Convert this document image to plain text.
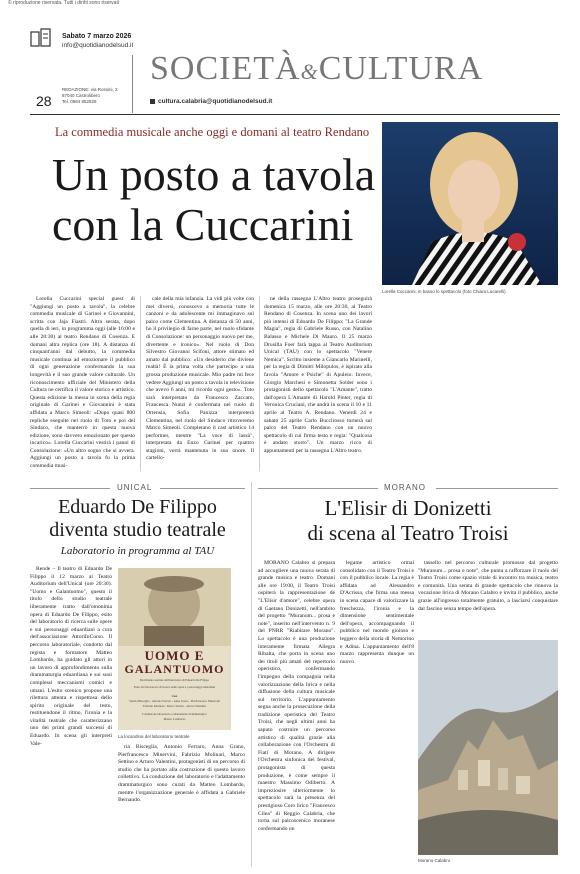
© riproduzione riservata. Tutti i diritti sono riservati
Sabato 7 marzo 2026
info@quotidianodelsud.it
28
REDAZIONE: via Rossini, 2
87040 Castrolibero
Tel. 0984 852828
SOCIETÀ&CULTURA
cultura.calabria@quotidianodelsud.it
La commedia musicale anche oggi e domani al teatro Rendano
Un posto a tavola
con la Cuccarini
Lorella Cuccarini, in basso lo spettacolo (foto Chiara Lucarelli)

Lorella Cuccarini special guest di "Aggiungi un posto a tavola", la celebre commedia musicale di Garinei e Giovannini, scritta con Jaja Fiastri. Altra serata, dopo quella di ieri, in programma oggi (alle 16:00 e alle 20:30) al teatro Rendano di Cosenza. E domani altra replica (ore 18). A distanza di cinquant'anni dal debutto, la commedia musicale continua ad emozionare il pubblico di ogni generazione confermando la sua longevità e il suo grande valore culturale. Un riconoscimento ufficiale del Ministero della Cultura ne certifica il valore storico e artistico. Questa edizione la messa in scena della regia originale di Garinei e Giovannini è stata affidata a Marco Simeoli: «Dopo quasi 800 repliche eseguite nel ruolo di Toto e poi del Sindaco, che manterrò in questa nuova edizione, sono davvero emozionato per questo incarico». Lorella Cuccarini vestirà i panni di Consolazione: «Un altro sogno che si avvera. Aggiungi un posto a tavola fu la prima commedia musi-

cale della mia infanzia. La vidi più volte con mei diversi, conoscevo a memoria tutte le canzoni e da adolescente mi immaginavo sul palco come Clementina. A distanza di 50 anni, ho il privilegio di farne parte, nel ruolo sfidante di Consolazione: un personaggio nuovo per me, divertente e ironico». Nel ruolo di Don Silvestro Giovanni Scifoni, attore stimato ed amato dal pubblico: «Un desiderio che diviene realtà! È la prima volta che partecipo a una grossa produzione musicale. Mio padre mi fece vedere Aggiungi un posto a tavola in televisione che avevo 6 anni, mi ricordo ogni gesto». Toto sarà interpretato da Francesco Zaccaro, Francesca Nunzi è confermata nel ruolo di Ortensia, Sofia Panizza interpreterà Clementina, nel ruolo del Sindaco ritroveremo Marco Simeoli. Completano il cast artistico 14 performer, mentre "La voce di lassù", interpretata da Enzo Garinei per quattro stagioni, verrà mantenuta in suo onore. Il cartello-

ne della rassegna L'Altro teatro proseguirà domenica 15 marzo, alle ore 20:30, al Teatro Rendano di Cosenza. In scena uno dei lavori più intensi di Edoardo De Filippo: "La Grande Magia", regia di Gabriele Russo, con Natalino Balasso e Michele Di Mauro. Il 25 marzo Drusilla Foer farà tappa al Teatro Auditorium Unical (TAU) con lo spettacolo "Venere Nemica". Scritto insieme a Giancarlo Marinelli, per la regia di Dimitri Milopulos, è ispirato alla favola "Amore e Psiche" di Apuleio. Invece, Giorgio Marchesi e Simonetta Solder sono i protagonisti dello spettacolo "L'Amante", tratto dall'opera L'Amante di Harold Pinter, regia di Veronica Cruciani, che andrà in scena il 10 e 11 aprile al Teatro A. Rendano. Venerdì 24 e sabato 25 aprile Carlo Buccirosso tornerà sul palco del Teatro Rendano con un nuovo spettacolo di cui firma testo e regia: "Qualcosa è andato storto". Un marzo ricco di appuntamenti per la rassegna L'Altro teatro.

UNICAL
Eduardo De Filippo
diventa studio teatrale
Laboratorio in programma al TAU

Rende – Il teatro di Eduardo De Filippo il 12 marzo al Teatro Auditorium dell'Unical (ore 20:30). "Uomo e Galantuomo", questo il titolo dello studio teatrale liberamente tratto dall'omonima opera di Eduardo De Filippo, esito del laboratorio di ricerca sulle opere e sui personaggi eduardiani a cura dell'associazione AttoriInCorso. Il percorso laboratoriale, condotto dal regista e formatore Matteo Lombardo, ha guidato gli attori in un lavoro di approfondimento sulla drammaturgia eduardiana e sui suoi complessi meccanismi comici e umani. L'esito scenico propone una rilettura attenta e rispettosa dello spirito originale del testo, restituendone il ritmo, l'ironia e la vitalità teatrale che caratterizzano uno dei primi grandi successi di Eduardo. In scena gli interpreti Vale-

UOMO E
GALANTUOMO
Movimento teatrale dell'intervento di Eduardo De Filippo
Esito del laboratorio di ricerca sulle opere e i personaggi eduardiani
Cast
Valeria Bisceglia - Antonio Ferraro - Anna Grano - Pierfrancesco Minervini
Fabrizio Molinari - Marco Settino - Arturo Valentini
Conduzione laboratorio e adattamento drammaturgico
Matteo Lombardo
La locandina del laboratorio teatrale

ria Bisceglia, Antonio Ferraro, Anna Grano, Pierfrancesco Minervini, Fabrizio Molinari, Marco Settino e Arturo Valentini, protagonisti di un percorso di studio che ha portato alla costruzione di questo lavoro collettivo. La conduzione del laboratorio e l'adattamento drammaturgico sono curati da Matteo Lombardo, mentre l'organizzazione generale è affidata a Gabriele Bernaudo.

MORANO
L'Elisir di Donizetti
di scena al Teatro Troisi

MORANO Calabro si prepara ad accogliere una nuova serata di grande musica e teatro. Domani alle ore 19:00, il Teatro Troisi ospiterà la rappresentazione de "L'Elisir d'amore", celebre opera di Gaetano Donizetti, nell'ambito del progetto "Muranum... prosa e note", inserito nell'intervento n. 9 del PNRR "Riabitare Morano". Lo spettacolo è una produzione interamente firmata Allegra Ribalta, che porta in scena uno dei titoli più amati del repertorio operistico, confermando l'impegno della compagnia nella valorizzazione della lirica e nella diffusione della cultura musicale sul territorio. L'appuntamento segna anche la prosecuzione della tradizione operistica del Teatro Troisi, che negli ultimi anni ha saputo costruire un percorso artistico di qualità grazie alla collaborazione con l'Orchestra di Fiati di Morano. A dirigere l'Orchestra sinfonica dei festival, protagonista di questa produzione, è come sempre il maestro Massimo Odiberto. A impreziosire ulteriormente lo spettacolo sarà la presenza del prestigioso Coro lirico "Francesco Cilea" di Reggio Calabria, che torna sul palcoscenico moranese confermando un

legame artistico ormai consolidato con il Teatro Troisi e con il pubblico locale. La regia è affidata ad Alessandro D'Acrissa, che firma una messa in scena capace di valorizzare la freschezza, l'ironia e la dimensione sentimentale dell'opera, accompagnando il pubblico nel mondo gioioso e leggero della storia di Nemorino e Adina. L'appuntamento dell'8 marzo rappresenta dunque un nuovo

tassello nel percorso culturale promosso dal progetto "Muranum... prosa e note", che punta a rafforzare il ruolo del Teatro Troisi come spazio vitale di incontro tra musica, teatro e comunità. Una serata di grande spettacolo che rinnova la vocazione lirica di Morano Calabro e invita il pubblico, anche grazie all'ingresso totalmente gratuito, a lasciarsi conquistare dal fascino senza tempo dell'opera.

Morano Calabro
